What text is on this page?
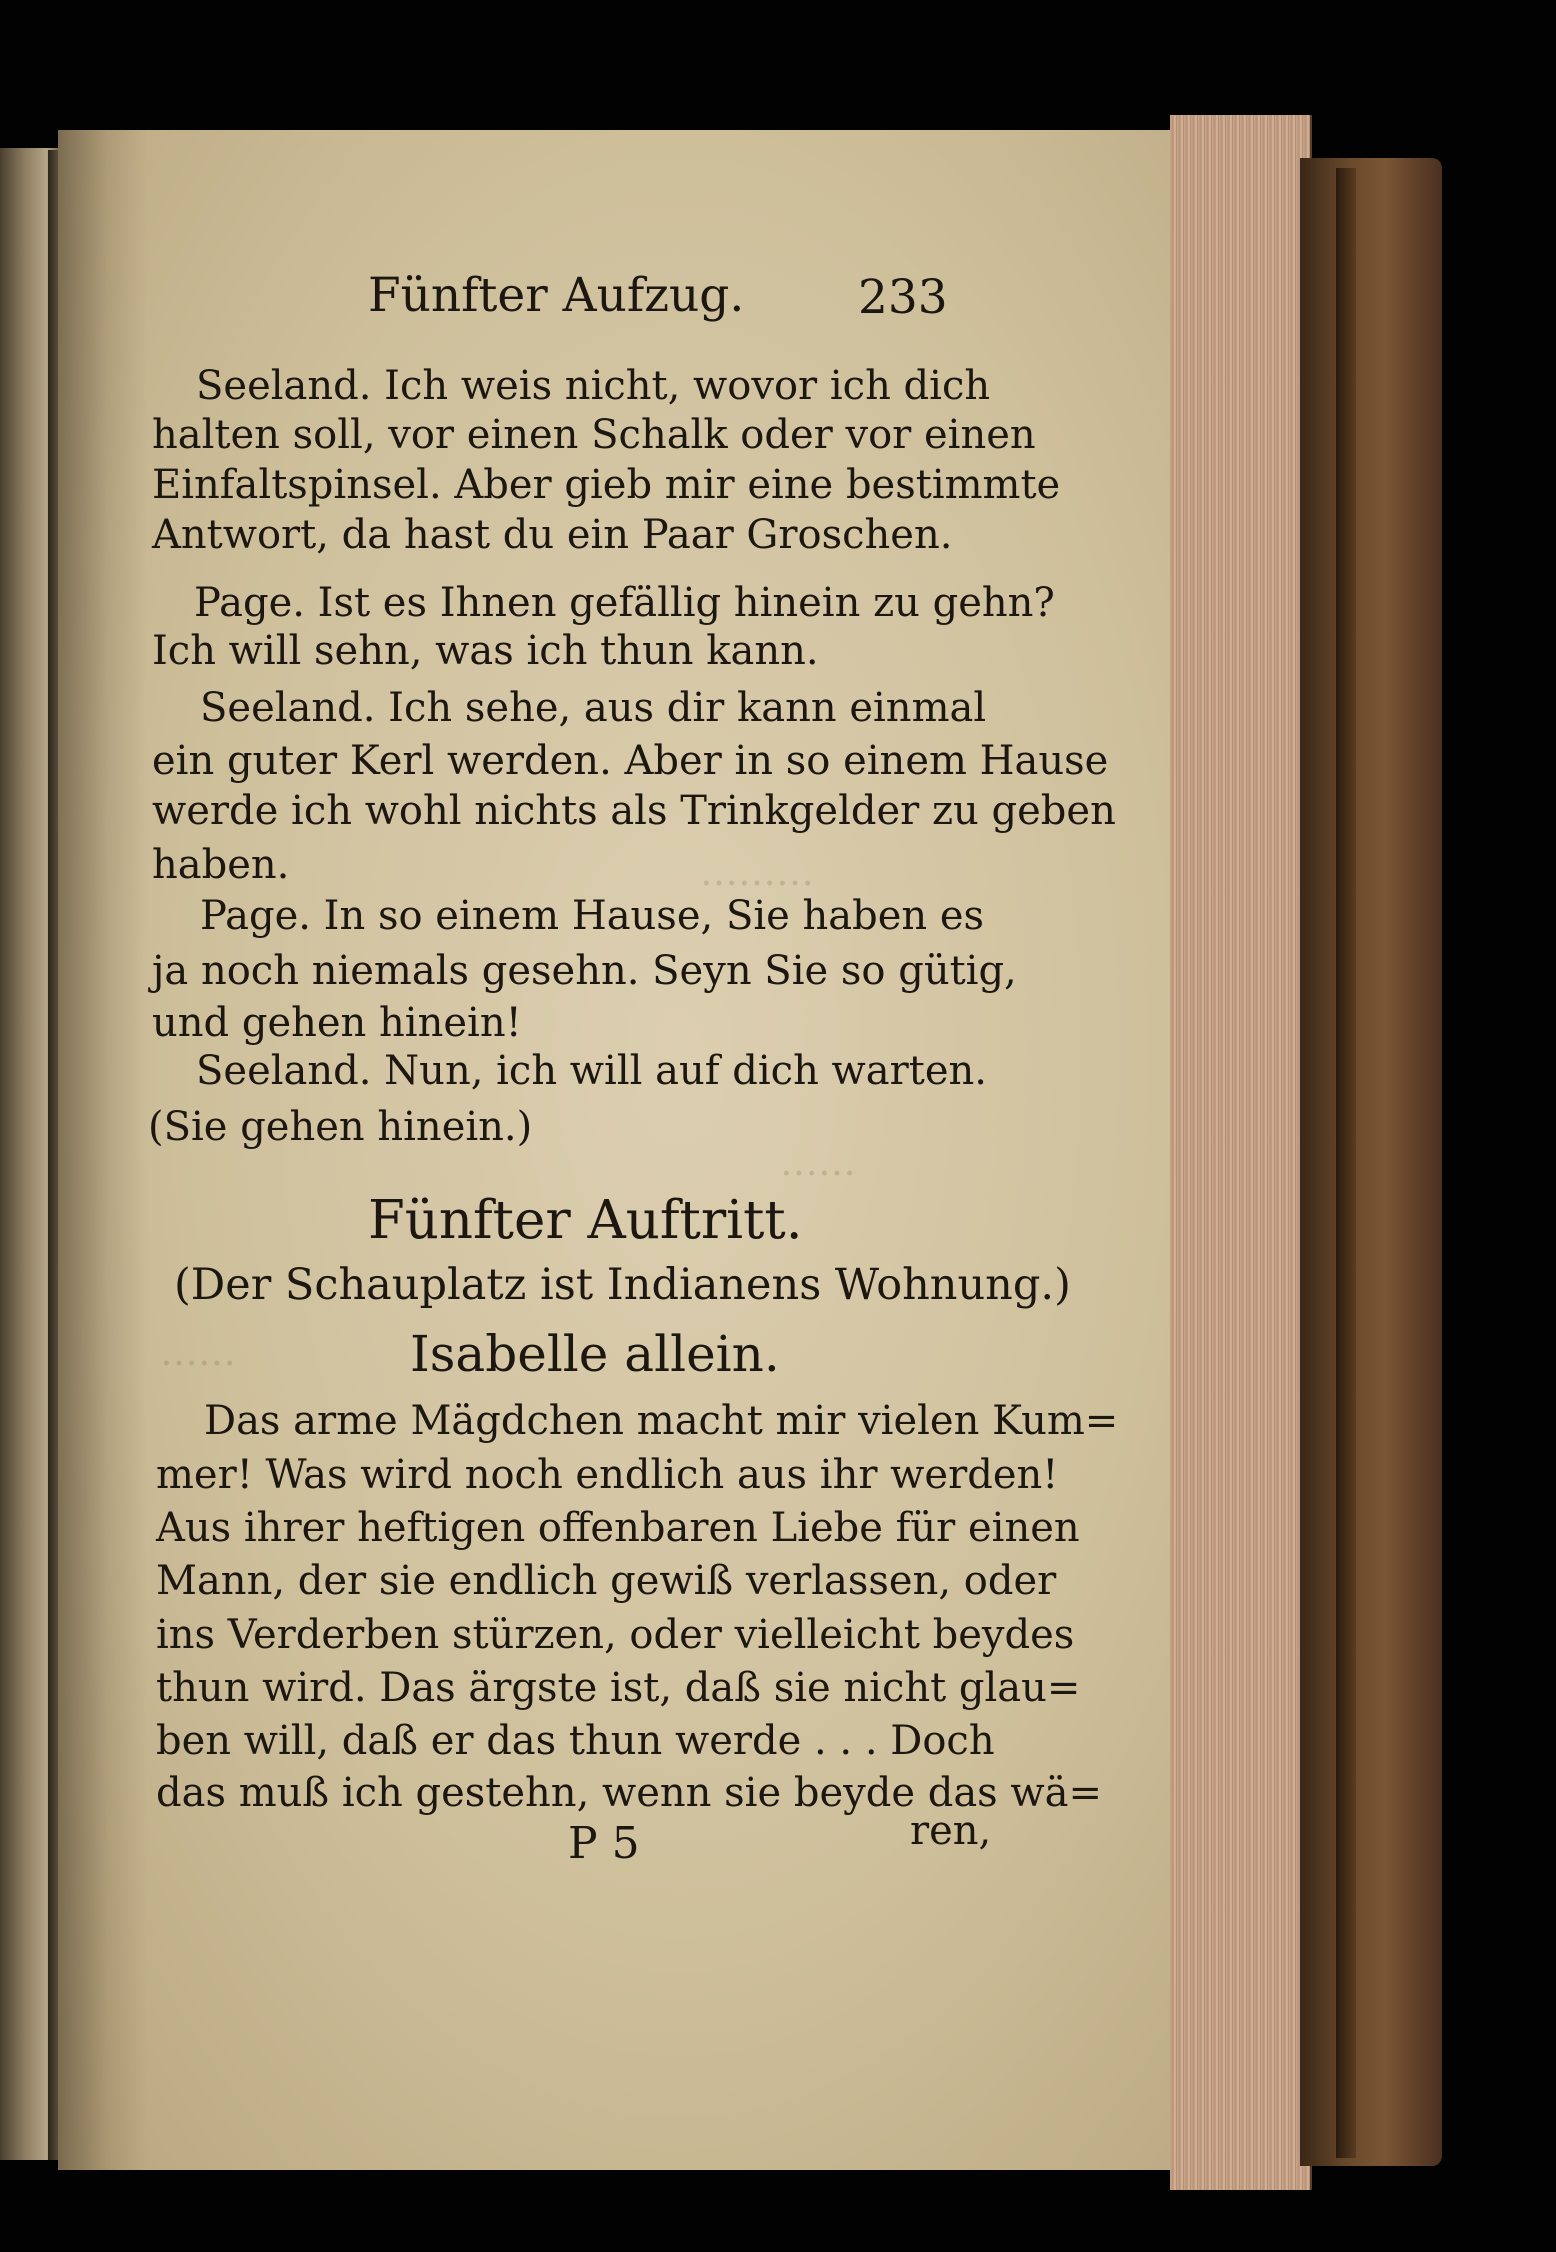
………
……
……
Fünfter Aufzug. 233
Seeland. Ich weis nicht, wovor ich dich
halten soll, vor einen Schalk oder vor einen
Einfaltspinsel. Aber gieb mir eine bestimmte
Antwort, da hast du ein Paar Groschen.
Page. Ist es Ihnen gefällig hinein zu gehn?
Ich will sehn, was ich thun kann.
Seeland. Ich sehe, aus dir kann einmal
ein guter Kerl werden. Aber in so einem Hause
werde ich wohl nichts als Trinkgelder zu geben
haben.
Page. In so einem Hause, Sie haben es
ja noch niemals gesehn. Seyn Sie so gütig,
und gehen hinein!
Seeland. Nun, ich will auf dich warten.
(Sie gehen hinein.)
Fünfter Auftritt.
(Der Schauplatz ist Indianens Wohnung.)
Isabelle allein.
Das arme Mägdchen macht mir vielen Kum=
mer! Was wird noch endlich aus ihr werden!
Aus ihrer heftigen offenbaren Liebe für einen
Mann, der sie endlich gewiß verlassen, oder
ins Verderben stürzen, oder vielleicht beydes
thun wird. Das ärgste ist, daß sie nicht glau=
ben will, daß er das thun werde . . . Doch
das muß ich gestehn, wenn sie beyde das wä=
P 5	ren,
